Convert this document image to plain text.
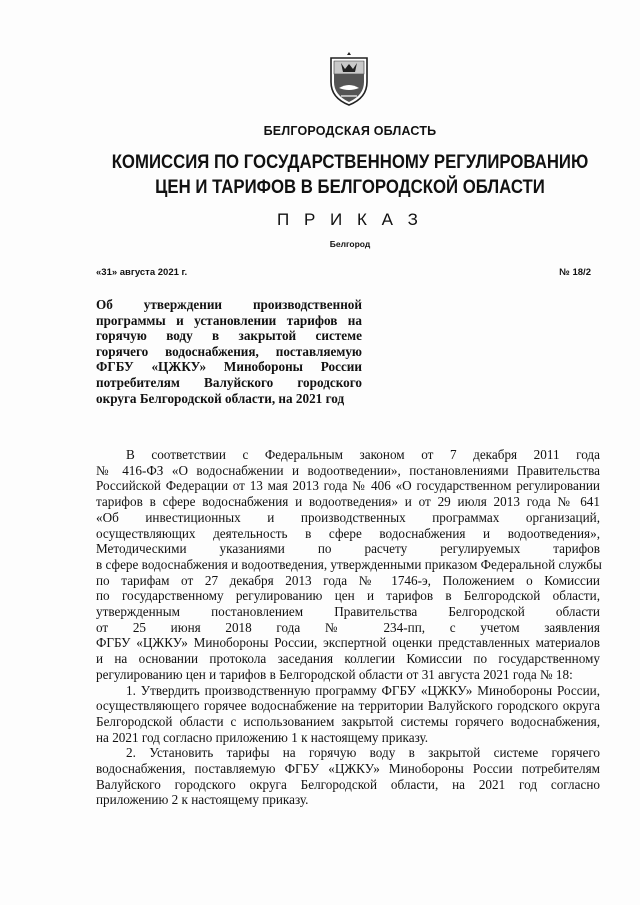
БЕЛГОРОДСКАЯ ОБЛАСТЬ
КОМИССИЯ ПО ГОСУДАРСТВЕННОМУ РЕГУЛИРОВАНИЮ
ЦЕН И ТАРИФОВ В БЕЛГОРОДСКОЙ ОБЛАСТИ
П Р И К А З
Белгород
«31» августа 2021 г.	№ 18/2
Об утверждении производственной
программы и установлении тарифов на
горячую воду в закрытой системе
горячего водоснабжения, поставляемую
ФГБУ «ЦЖКУ» Минобороны России
потребителям Валуйского городского
округа Белгородской области, на 2021 год
В соответствии с Федеральным законом от 7 декабря 2011 года
№ 416-ФЗ «О водоснабжении и водоотведении», постановлениями Правительства
Российской Федерации от 13 мая 2013 года № 406 «О государственном регулировании
тарифов в сфере водоснабжения и водоотведения» и от 29 июля 2013 года № 641
«Об инвестиционных и производственных программах организаций,
осуществляющих деятельность в сфере водоснабжения и водоотведения»,
Методическими указаниями по расчету регулируемых тарифов
в сфере водоснабжения и водоотведения, утвержденными приказом Федеральной службы
по тарифам от 27 декабря 2013 года № 1746-э, Положением о Комиссии
по государственному регулированию цен и тарифов в Белгородской области,
утвержденным постановлением Правительства Белгородской области
от 25 июня 2018 года № 234-пп, с учетом заявления
ФГБУ «ЦЖКУ» Минобороны России, экспертной оценки представленных материалов
и на основании протокола заседания коллегии Комиссии по государственному
регулированию цен и тарифов в Белгородской области от 31 августа 2021 года № 18:
1. Утвердить производственную программу ФГБУ «ЦЖКУ» Минобороны России,
осуществляющего горячее водоснабжение на территории Валуйского городского округа
Белгородской области с использованием закрытой системы горячего водоснабжения,
на 2021 год согласно приложению 1 к настоящему приказу.
2. Установить тарифы на горячую воду в закрытой системе горячего
водоснабжения, поставляемую ФГБУ «ЦЖКУ» Минобороны России потребителям
Валуйского городского округа Белгородской области, на 2021 год согласно
приложению 2 к настоящему приказу.
